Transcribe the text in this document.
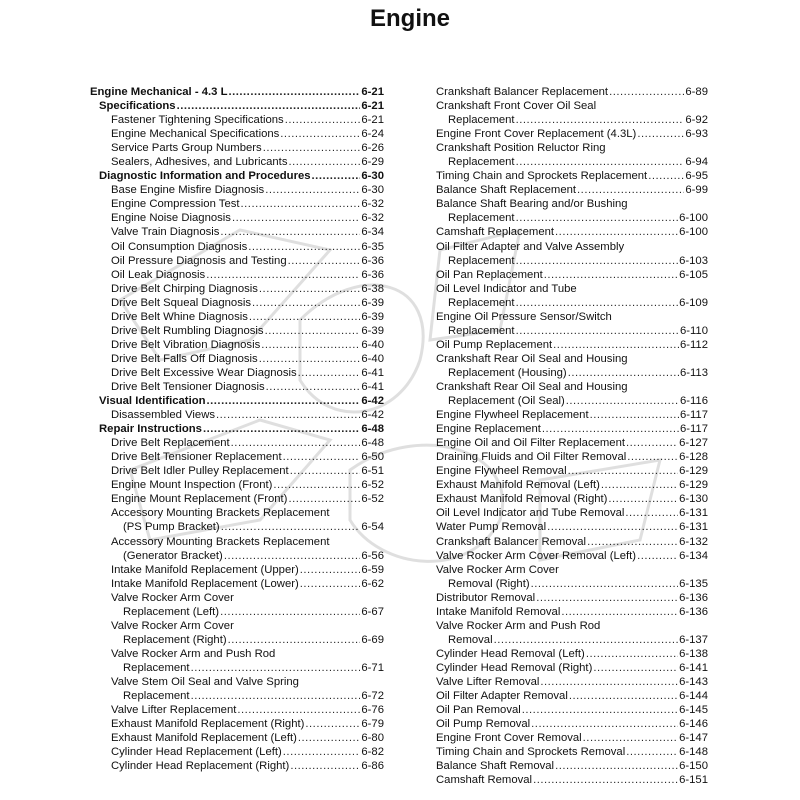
Engine
Engine Mechanical - 4.3 L .....	6-21
Specifications .....	6-21
Fastener Tightening Specifications .....	6-21
Engine Mechanical Specifications .....	6-24
Service Parts Group Numbers .....	6-26
Sealers, Adhesives, and Lubricants .....	6-29
Diagnostic Information and Procedures .....	6-30
Base Engine Misfire Diagnosis .....	6-30
Engine Compression Test .....	6-32
Engine Noise Diagnosis .....	6-32
Valve Train Diagnosis .....	6-34
Oil Consumption Diagnosis .....	6-35
Oil Pressure Diagnosis and Testing .....	6-36
Oil Leak Diagnosis .....	6-36
Drive Belt Chirping Diagnosis .....	6-38
Drive Belt Squeal Diagnosis .....	6-39
Drive Belt Whine Diagnosis .....	6-39
Drive Belt Rumbling Diagnosis .....	6-39
Drive Belt Vibration Diagnosis .....	6-40
Drive Belt Falls Off Diagnosis .....	6-40
Drive Belt Excessive Wear Diagnosis .....	6-41
Drive Belt Tensioner Diagnosis .....	6-41
Visual Identification .....	6-42
Disassembled Views .....	6-42
Repair Instructions .....	6-48
Drive Belt Replacement .....	6-48
Drive Belt Tensioner Replacement .....	6-50
Drive Belt Idler Pulley Replacement .....	6-51
Engine Mount Inspection (Front) .....	6-52
Engine Mount Replacement (Front) .....	6-52
Accessory Mounting Brackets Replacement
(PS Pump Bracket) .....	6-54
Accessory Mounting Brackets Replacement
(Generator Bracket) .....	6-56
Intake Manifold Replacement (Upper) .....	6-59
Intake Manifold Replacement (Lower) .....	6-62
Valve Rocker Arm Cover
Replacement (Left) .....	6-67
Valve Rocker Arm Cover
Replacement (Right) .....	6-69
Valve Rocker Arm and Push Rod
Replacement .....	6-71
Valve Stem Oil Seal and Valve Spring
Replacement .....	6-72
Valve Lifter Replacement .....	6-76
Exhaust Manifold Replacement (Right) .....	6-79
Exhaust Manifold Replacement (Left) .....	6-80
Cylinder Head Replacement (Left) .....	6-82
Cylinder Head Replacement (Right) .....	6-86
Crankshaft Balancer Replacement .....	6-89
Crankshaft Front Cover Oil Seal
Replacement .....	6-92
Engine Front Cover Replacement (4.3L) .....	6-93
Crankshaft Position Reluctor Ring
Replacement .....	6-94
Timing Chain and Sprockets Replacement .....	6-95
Balance Shaft Replacement .....	6-99
Balance Shaft Bearing and/or Bushing
Replacement .....	6-100
Camshaft Replacement .....	6-100
Oil Filter Adapter and Valve Assembly
Replacement .....	6-103
Oil Pan Replacement .....	6-105
Oil Level Indicator and Tube
Replacement .....	6-109
Engine Oil Pressure Sensor/Switch
Replacement .....	6-110
Oil Pump Replacement .....	6-112
Crankshaft Rear Oil Seal and Housing
Replacement (Housing) .....	6-113
Crankshaft Rear Oil Seal and Housing
Replacement (Oil Seal) .....	6-116
Engine Flywheel Replacement .....	6-117
Engine Replacement .....	6-117
Engine Oil and Oil Filter Replacement .....	6-127
Draining Fluids and Oil Filter Removal .....	6-128
Engine Flywheel Removal .....	6-129
Exhaust Manifold Removal (Left) .....	6-129
Exhaust Manifold Removal (Right) .....	6-130
Oil Level Indicator and Tube Removal .....	6-131
Water Pump Removal .....	6-131
Crankshaft Balancer Removal .....	6-132
Valve Rocker Arm Cover Removal (Left) .....	6-134
Valve Rocker Arm Cover
Removal (Right) .....	6-135
Distributor Removal .....	6-136
Intake Manifold Removal .....	6-136
Valve Rocker Arm and Push Rod
Removal .....	6-137
Cylinder Head Removal (Left) .....	6-138
Cylinder Head Removal (Right) .....	6-141
Valve Lifter Removal .....	6-143
Oil Filter Adapter Removal .....	6-144
Oil Pan Removal .....	6-145
Oil Pump Removal .....	6-146
Engine Front Cover Removal .....	6-147
Timing Chain and Sprockets Removal .....	6-148
Balance Shaft Removal .....	6-150
Camshaft Removal .....	6-151
